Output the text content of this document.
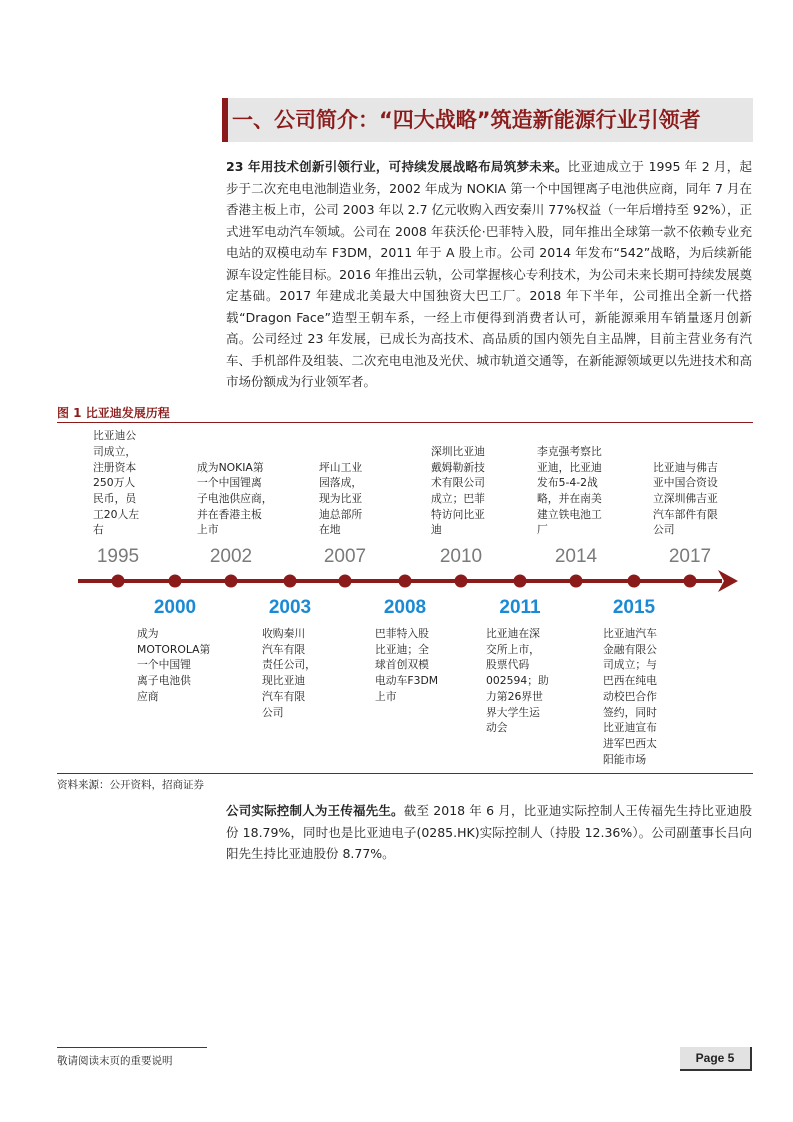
一、公司简介：“四大战略”筑造新能源行业引领者
23 年用技术创新引领行业，可持续发展战略布局筑梦未来。比亚迪成立于 1995 年 2 月，起步于二次充电电池制造业务，2002 年成为 NOKIA 第一个中国锂离子电池供应商，同年 7 月在香港主板上市，公司 2003 年以 2.7 亿元收购入西安秦川 77%权益（一年后增持至 92%），正式进军电动汽车领域。公司在 2008 年获沃伦·巴菲特入股，同年推出全球第一款不依赖专业充电站的双模电动车 F3DM，2011 年于 A 股上市。公司 2014 年发布“542”战略，为后续新能源车设定性能目标。2016 年推出云轨，公司掌握核心专利技术，为公司未来长期可持续发展奠定基础。2017 年建成北美最大中国独资大巴工厂。2018 年下半年，公司推出全新一代搭载“Dragon Face”造型王朝车系，一经上市便得到消费者认可，新能源乘用车销量逐月创新高。公司经过 23 年发展，已成长为高技术、高品质的国内领先自主品牌，目前主营业务有汽车、手机部件及组装、二次充电电池及光伏、城市轨道交通等，在新能源领域更以先进技术和高市场份额成为行业领军者。
图 1 比亚迪发展历程
1995
比亚迪公
司成立，
注册资本
250万人
民币，员
工20人左
右
2002
成为NOKIA第
一个中国锂离
子电池供应商，
并在香港主板
上市
2007
坪山工业
园落成，
现为比亚
迪总部所
在地
2010
深圳比亚迪
戴姆勒新技
术有限公司
成立；巴菲
特访问比亚
迪
2014
李克强考察比
亚迪，比亚迪
发布5-4-2战
略，并在南美
建立铁电池工
厂
2017
比亚迪与佛吉
亚中国合资设
立深圳佛吉亚
汽车部件有限
公司
2000
成为
MOTOROLA第
一个中国锂
离子电池供
应商
2003
收购秦川
汽车有限
责任公司，
现比亚迪
汽车有限
公司
2008
巴菲特入股
比亚迪；全
球首创双模
电动车F3DM
上市
2011
比亚迪在深
交所上市，
股票代码
002594；助
力第26界世
界大学生运
动会
2015
比亚迪汽车
金融有限公
司成立；与
巴西在纯电
动校巴合作
签约，同时
比亚迪宣布
进军巴西太
阳能市场
资料来源：公开资料，招商证券
公司实际控制人为王传福先生。截至 2018 年 6 月，比亚迪实际控制人王传福先生持比亚迪股份 18.79%，同时也是比亚迪电子(0285.HK)实际控制人（持股 12.36%）。公司副董事长吕向阳先生持比亚迪股份 8.77%。
敬请阅读末页的重要说明	Page 5
